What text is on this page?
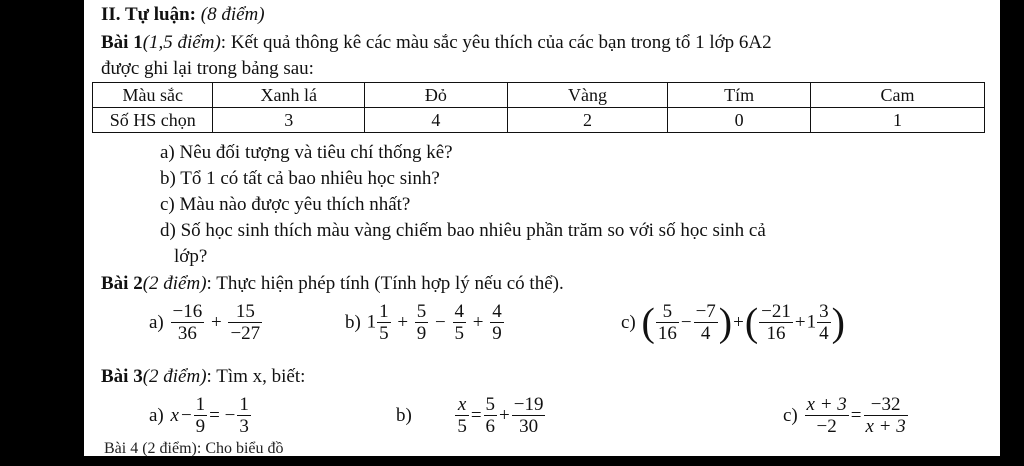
II. Tự luận: (8 điểm)
Bài 1(1,5 điểm): Kết quả thông kê các màu sắc yêu thích của các bạn trong tổ 1 lớp 6A2
được ghi lại trong bảng sau:
Màu sắc	Xanh lá	Đỏ	Vàng	Tím	Cam
Số HS chọn	3	4	2	0	1
a) Nêu đối tượng và tiêu chí thống kê?
b) Tổ 1 có tất cả bao nhiêu học sinh?
c) Màu nào được yêu thích nhất?
d) Số học sinh thích màu vàng chiếm bao nhiêu phần trăm so với số học sinh cả
lớp?
Bài 2(2 điểm): Thực hiện phép tính (Tính hợp lý nếu có thể).
$a) \frac{-16}{36} + \frac{15}{-27}$	b) $1 \frac{1}{5} + \frac{5}{9} - \frac{4}{5} + \frac{4}{9}$	c) ( $\frac{5}{16} - \frac{-7}{4}$ )+( $\frac{-21}{16} +1 \frac{3}{4}$ )
Bài 3(2 điểm): Tìm x, biết:
a) $x - \frac{1}{9}$ = − $\frac{1}{3}$	$b) \frac{x}{5} = \frac{5}{6} + \frac{-19}{30}$	$c) \frac{x + 3}{-2} = \frac{-32}{x + 3}$
Bài 4 (2 điểm): Cho biểu đồ
